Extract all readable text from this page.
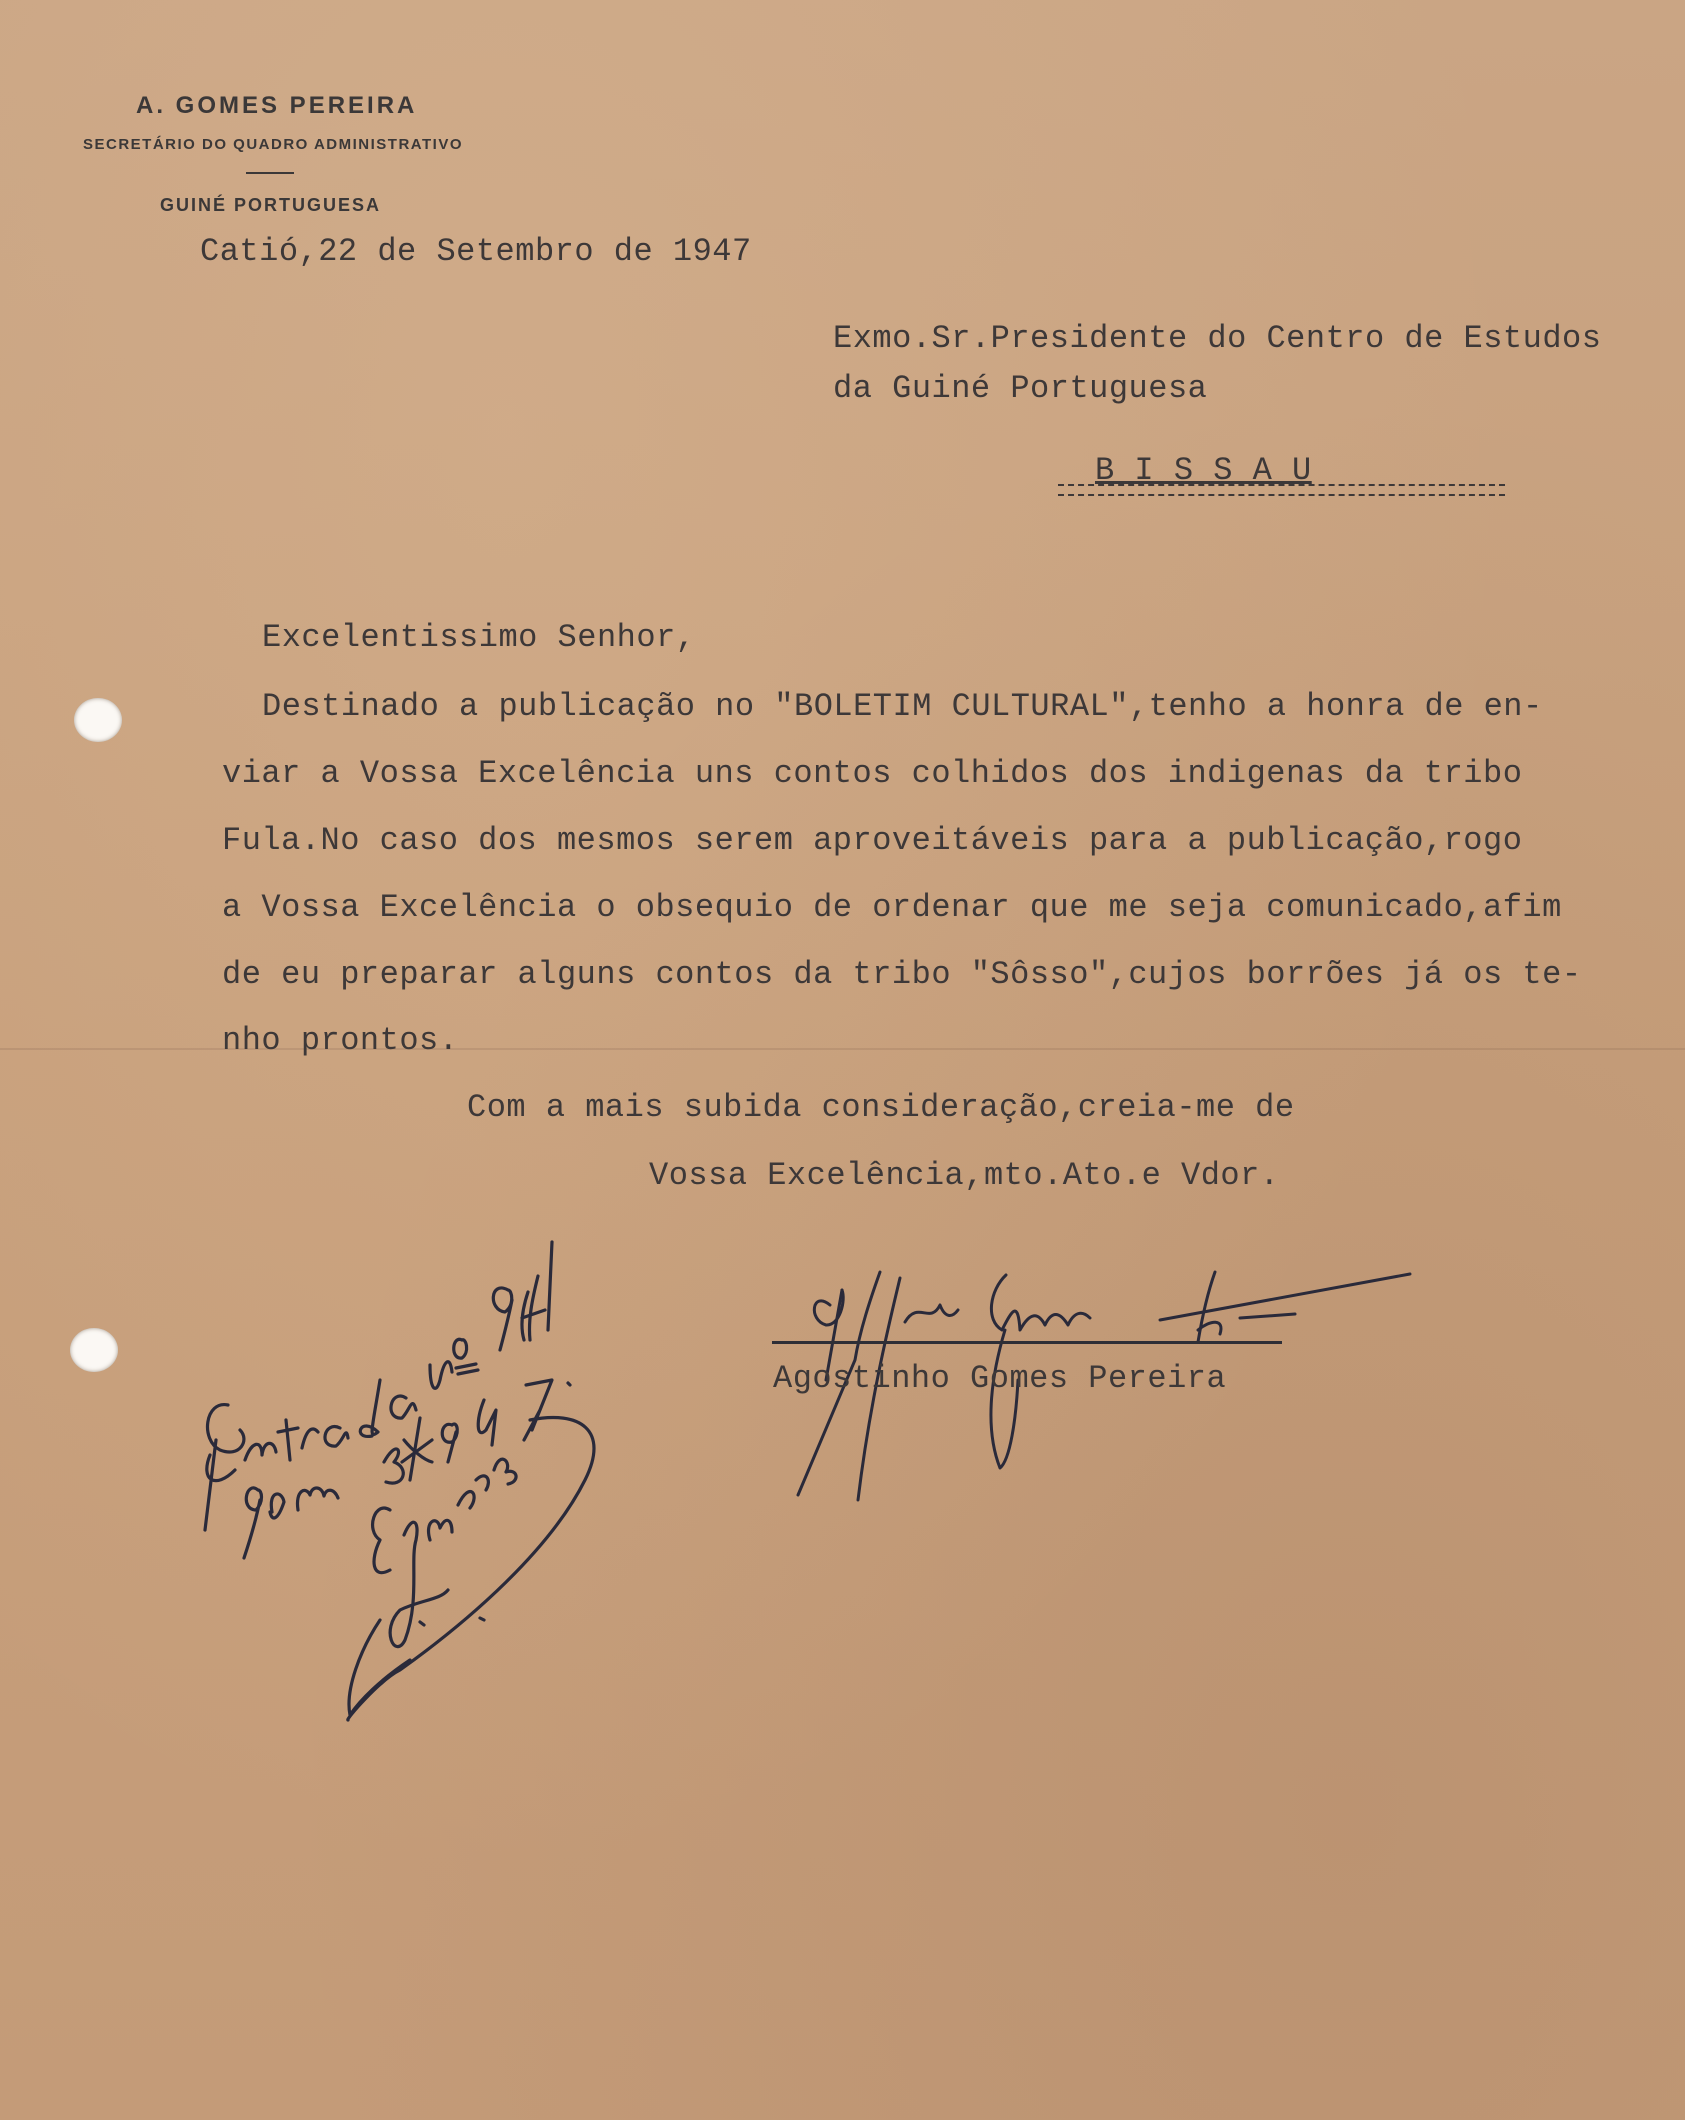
A. GOMES PEREIRA
SECRETÁRIO DO QUADRO ADMINISTRATIVO
GUINÉ PORTUGUESA
Catió,22 de Setembro de 1947
Exmo.Sr.Presidente do Centro de Estudos
da Guiné Portuguesa
B I S S A U
Excelentissimo Senhor,
Destinado a publicação no "BOLETIM CULTURAL",tenho a honra de en-
viar a Vossa Excelência uns contos colhidos dos indigenas da tribo
Fula.No caso dos mesmos serem aproveitáveis para a publicação,rogo
a Vossa Excelência o obsequio de ordenar que me seja comunicado,afim
de eu preparar alguns contos da tribo "Sôsso",cujos borrões já os te-
nho prontos.
Com a mais subida consideração,creia-me de
Vossa Excelência,mto.Ato.e Vdor.
Agostinho Gomes Pereira
